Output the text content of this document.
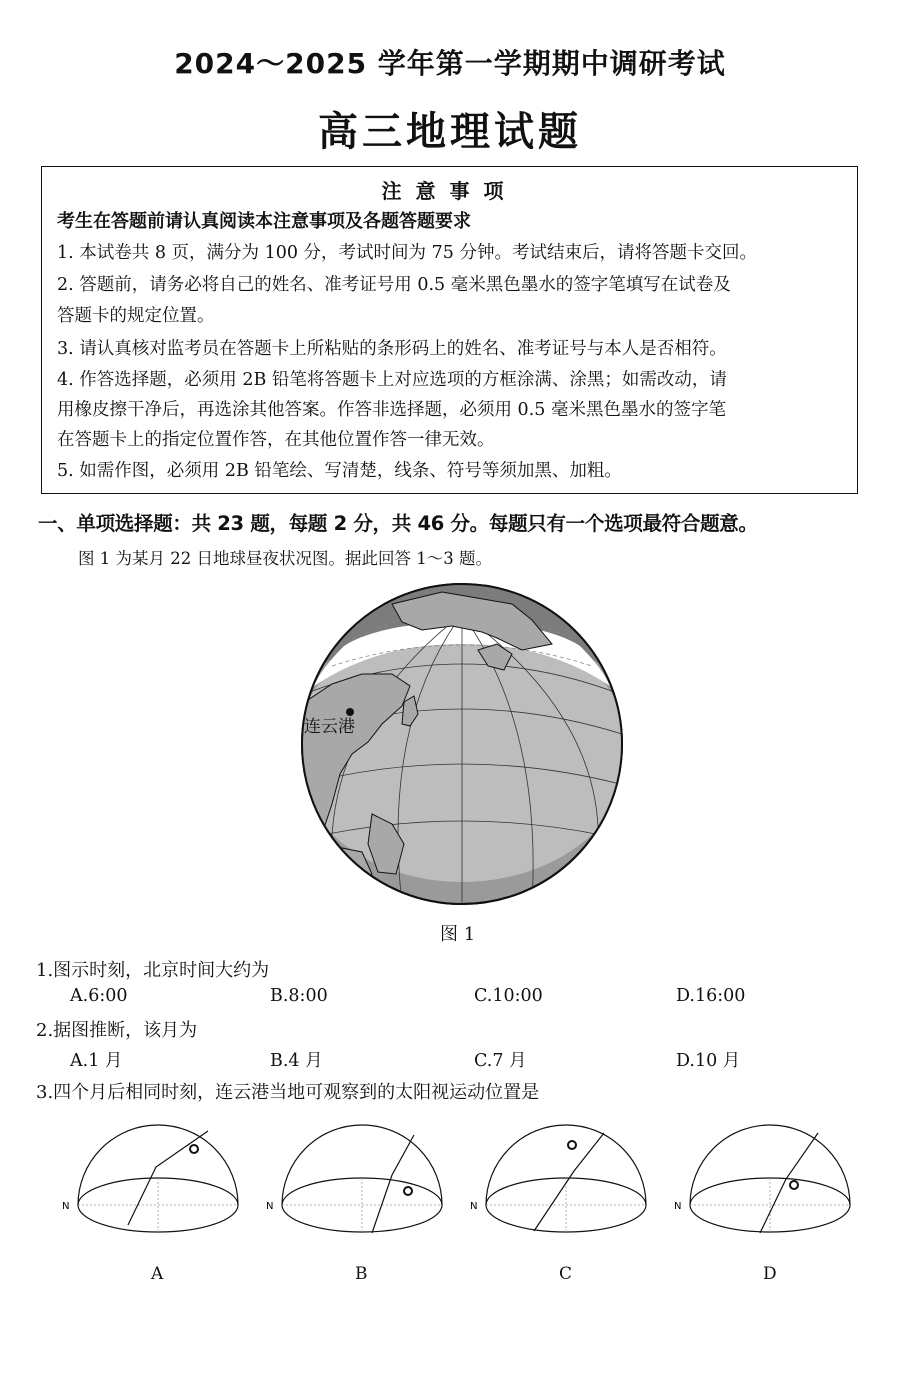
2024～2025 学年第一学期期中调研考试
高三地理试题
注意事项
考生在答题前请认真阅读本注意事项及各题答题要求
1. 本试卷共 8 页，满分为 100 分，考试时间为 75 分钟。考试结束后，请将答题卡交回。
2. 答题前，请务必将自己的姓名、准考证号用 0.5 毫米黑色墨水的签字笔填写在试卷及
答题卡的规定位置。
3. 请认真核对监考员在答题卡上所粘贴的条形码上的姓名、准考证号与本人是否相符。
4. 作答选择题，必须用 2B 铅笔将答题卡上对应选项的方框涂满、涂黑；如需改动，请
用橡皮擦干净后，再选涂其他答案。作答非选择题，必须用 0.5 毫米黑色墨水的签字笔
在答题卡上的指定位置作答，在其他位置作答一律无效。
5. 如需作图，必须用 2B 铅笔绘、写清楚，线条、符号等须加黑、加粗。
一、单项选择题：共 23 题，每题 2 分，共 46 分。每题只有一个选项最符合题意。
图 1 为某月 22 日地球昼夜状况图。据此回答 1～3 题。
连云港
图 1
1.图示时刻，北京时间大约为
A.6:00	B.8:00	C.10:00	D.16:00
2.据图推断，该月为
A.1 月	B.4 月	C.7 月	D.10 月
3.四个月后相同时刻，连云港当地可观察到的太阳视运动位置是
N
A
N
B
N
C
N
D
